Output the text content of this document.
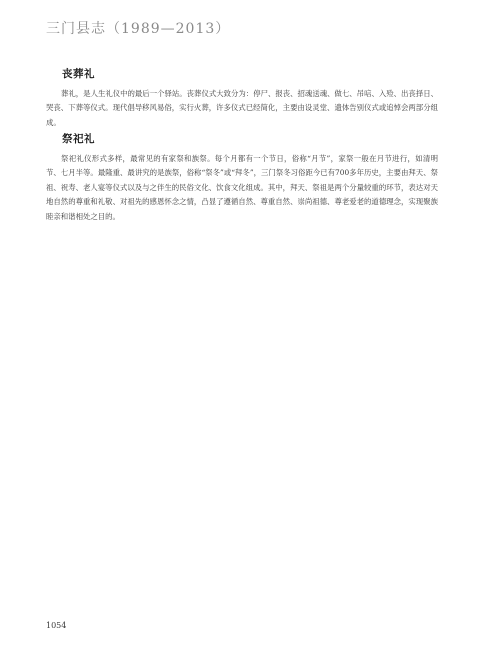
三门县志（1989—2013）
丧葬礼

葬礼，是人生礼仪中的最后一个驿站。丧葬仪式大致分为：停尸、报丧、招魂送魂、做七、吊唁、入殓、出丧择日、哭丧、下葬等仪式。现代倡导移风易俗，实行火葬，许多仪式已经简化，主要由设灵堂、遗体告别仪式或追悼会两部分组成。

祭祀礼

祭祀礼仪形式多样，最常见的有家祭和族祭。每个月都有一个节日，俗称“月节”，家祭一般在月节进行，如清明节、七月半等。最隆重、最讲究的是族祭，俗称“祭冬”或“拜冬”，三门祭冬习俗距今已有700多年历史，主要由拜天、祭祖、祝寿、老人宴等仪式以及与之伴生的民俗文化、饮食文化组成。其中，拜天、祭祖是两个分量较重的环节，表达对天地自然的尊重和礼敬、对祖先的感恩怀念之情，凸显了遵循自然、尊重自然、崇尚祖德、尊老爱老的道德理念，实现聚族睦亲和谐相处之目的。

1054
